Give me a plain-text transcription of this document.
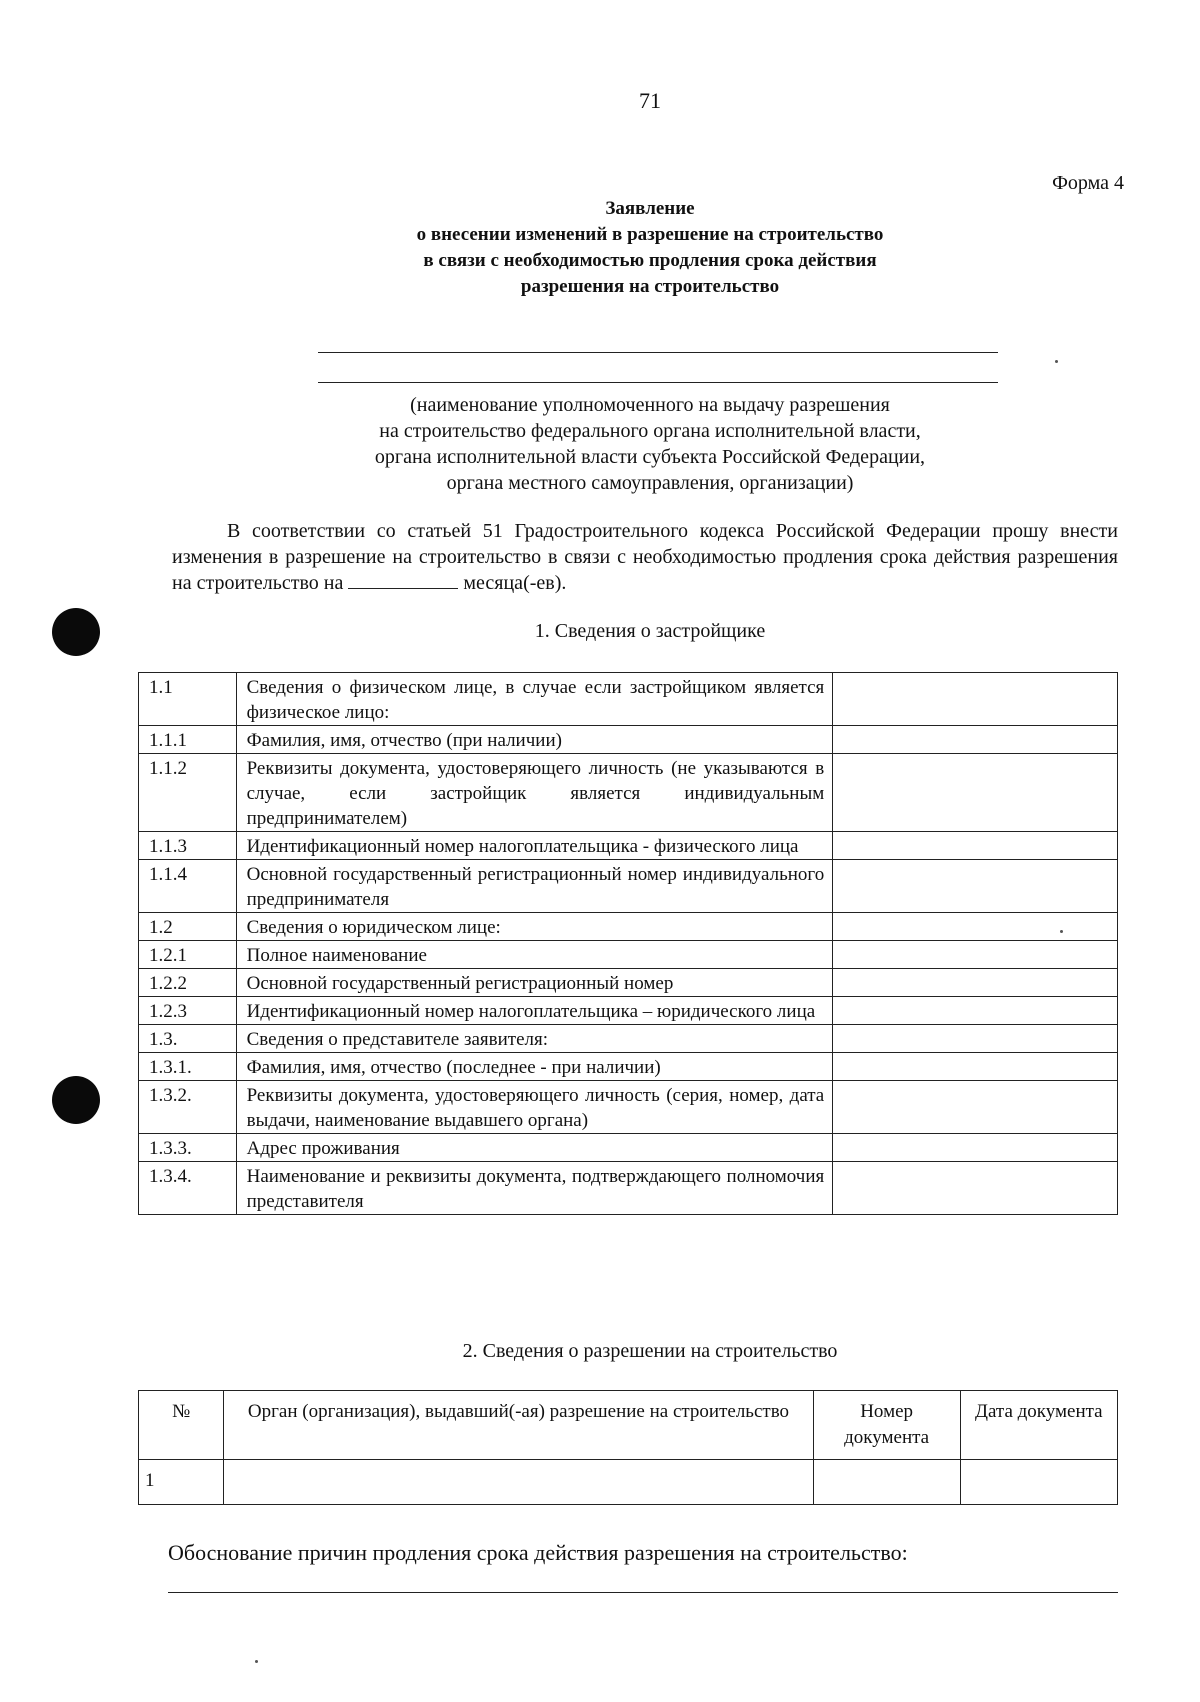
71
Форма 4
Заявление
о внесении изменений в разрешение на строительство
в связи с необходимостью продления срока действия
разрешения на строительство
(наименование уполномоченного на выдачу разрешения
на строительство федерального органа исполнительной власти,
органа исполнительной власти субъекта Российской Федерации,
органа местного самоуправления, организации)
В соответствии со статьей 51 Градостроительного кодекса Российской Федерации прошу внести изменения в разрешение на строительство в связи с необходимостью продления срока действия разрешения на строительство на	месяца(-ев).
1. Сведения о застройщике
1.1	Сведения о физическом лице, в случае если застройщиком является физическое лицо:	
1.1.1	Фамилия, имя, отчество (при наличии)	
1.1.2	Реквизиты документа, удостоверяющего личность (не указываются в случае, если застройщик является индивидуальным предпринимателем)	
1.1.3	Идентификационный номер налогоплательщика - физического лица	
1.1.4	Основной государственный регистрационный номер индивидуального предпринимателя	
1.2	Сведения о юридическом лице:	
1.2.1	Полное наименование	
1.2.2	Основной государственный регистрационный номер	
1.2.3	Идентификационный номер налогоплательщика – юридического лица	
1.3.	Сведения о представителе заявителя:	
1.3.1.	Фамилия, имя, отчество (последнее - при наличии)	
1.3.2.	Реквизиты документа, удостоверяющего личность (серия, номер, дата выдачи, наименование выдавшего органа)	
1.3.3.	Адрес проживания	
1.3.4.	Наименование и реквизиты документа, подтверждающего полномочия представителя	
2. Сведения о разрешении на строительство
№	Орган (организация), выдавший(-ая) разрешение на строительство	Номер документа	Дата документа
1			
Обоснование причин продления срока действия разрешения на строительство:
